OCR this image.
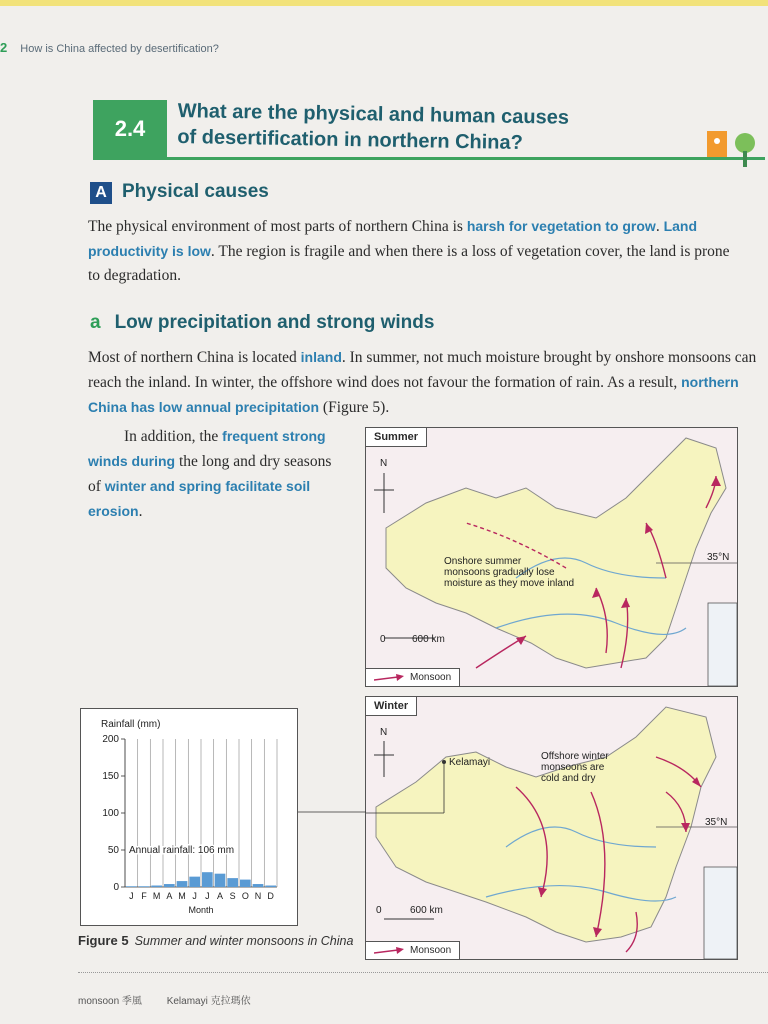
2 How is China affected by desertification?
2.4	What are the physical and human causes
of desertification in northern China?
A Physical causes
The physical environment of most parts of northern China is harsh for vegetation to grow. Land productivity is low. The region is fragile and when there is a loss of vegetation cover, the land is prone to degradation.
a Low precipitation and strong winds
Most of northern China is located inland. In summer, not much moisture brought by onshore monsoons can reach the inland. In winter, the offshore wind does not favour the formation of rain. As a result, northern China has low annual precipitation (Figure 5).
In addition, the frequent strong winds during the long and dry seasons of winter and spring facilitate soil erosion.
Summer
N
35°N
Onshore summer
monsoons gradually lose
moisture as they move inland
0	600 km
Monsoon
Winter
N
Kelamayi
Offshore winter
monsoons are
cold and dry
35°N
0	600 km
Monsoon
Rainfall (mm)
0
50
100
150
200
J F M A M J J A S O N D
Month
Annual rainfall: 106 mm
Figure 5 Summer and winter monsoons in China
monsoon 季風 Kelamayi 克拉瑪依
